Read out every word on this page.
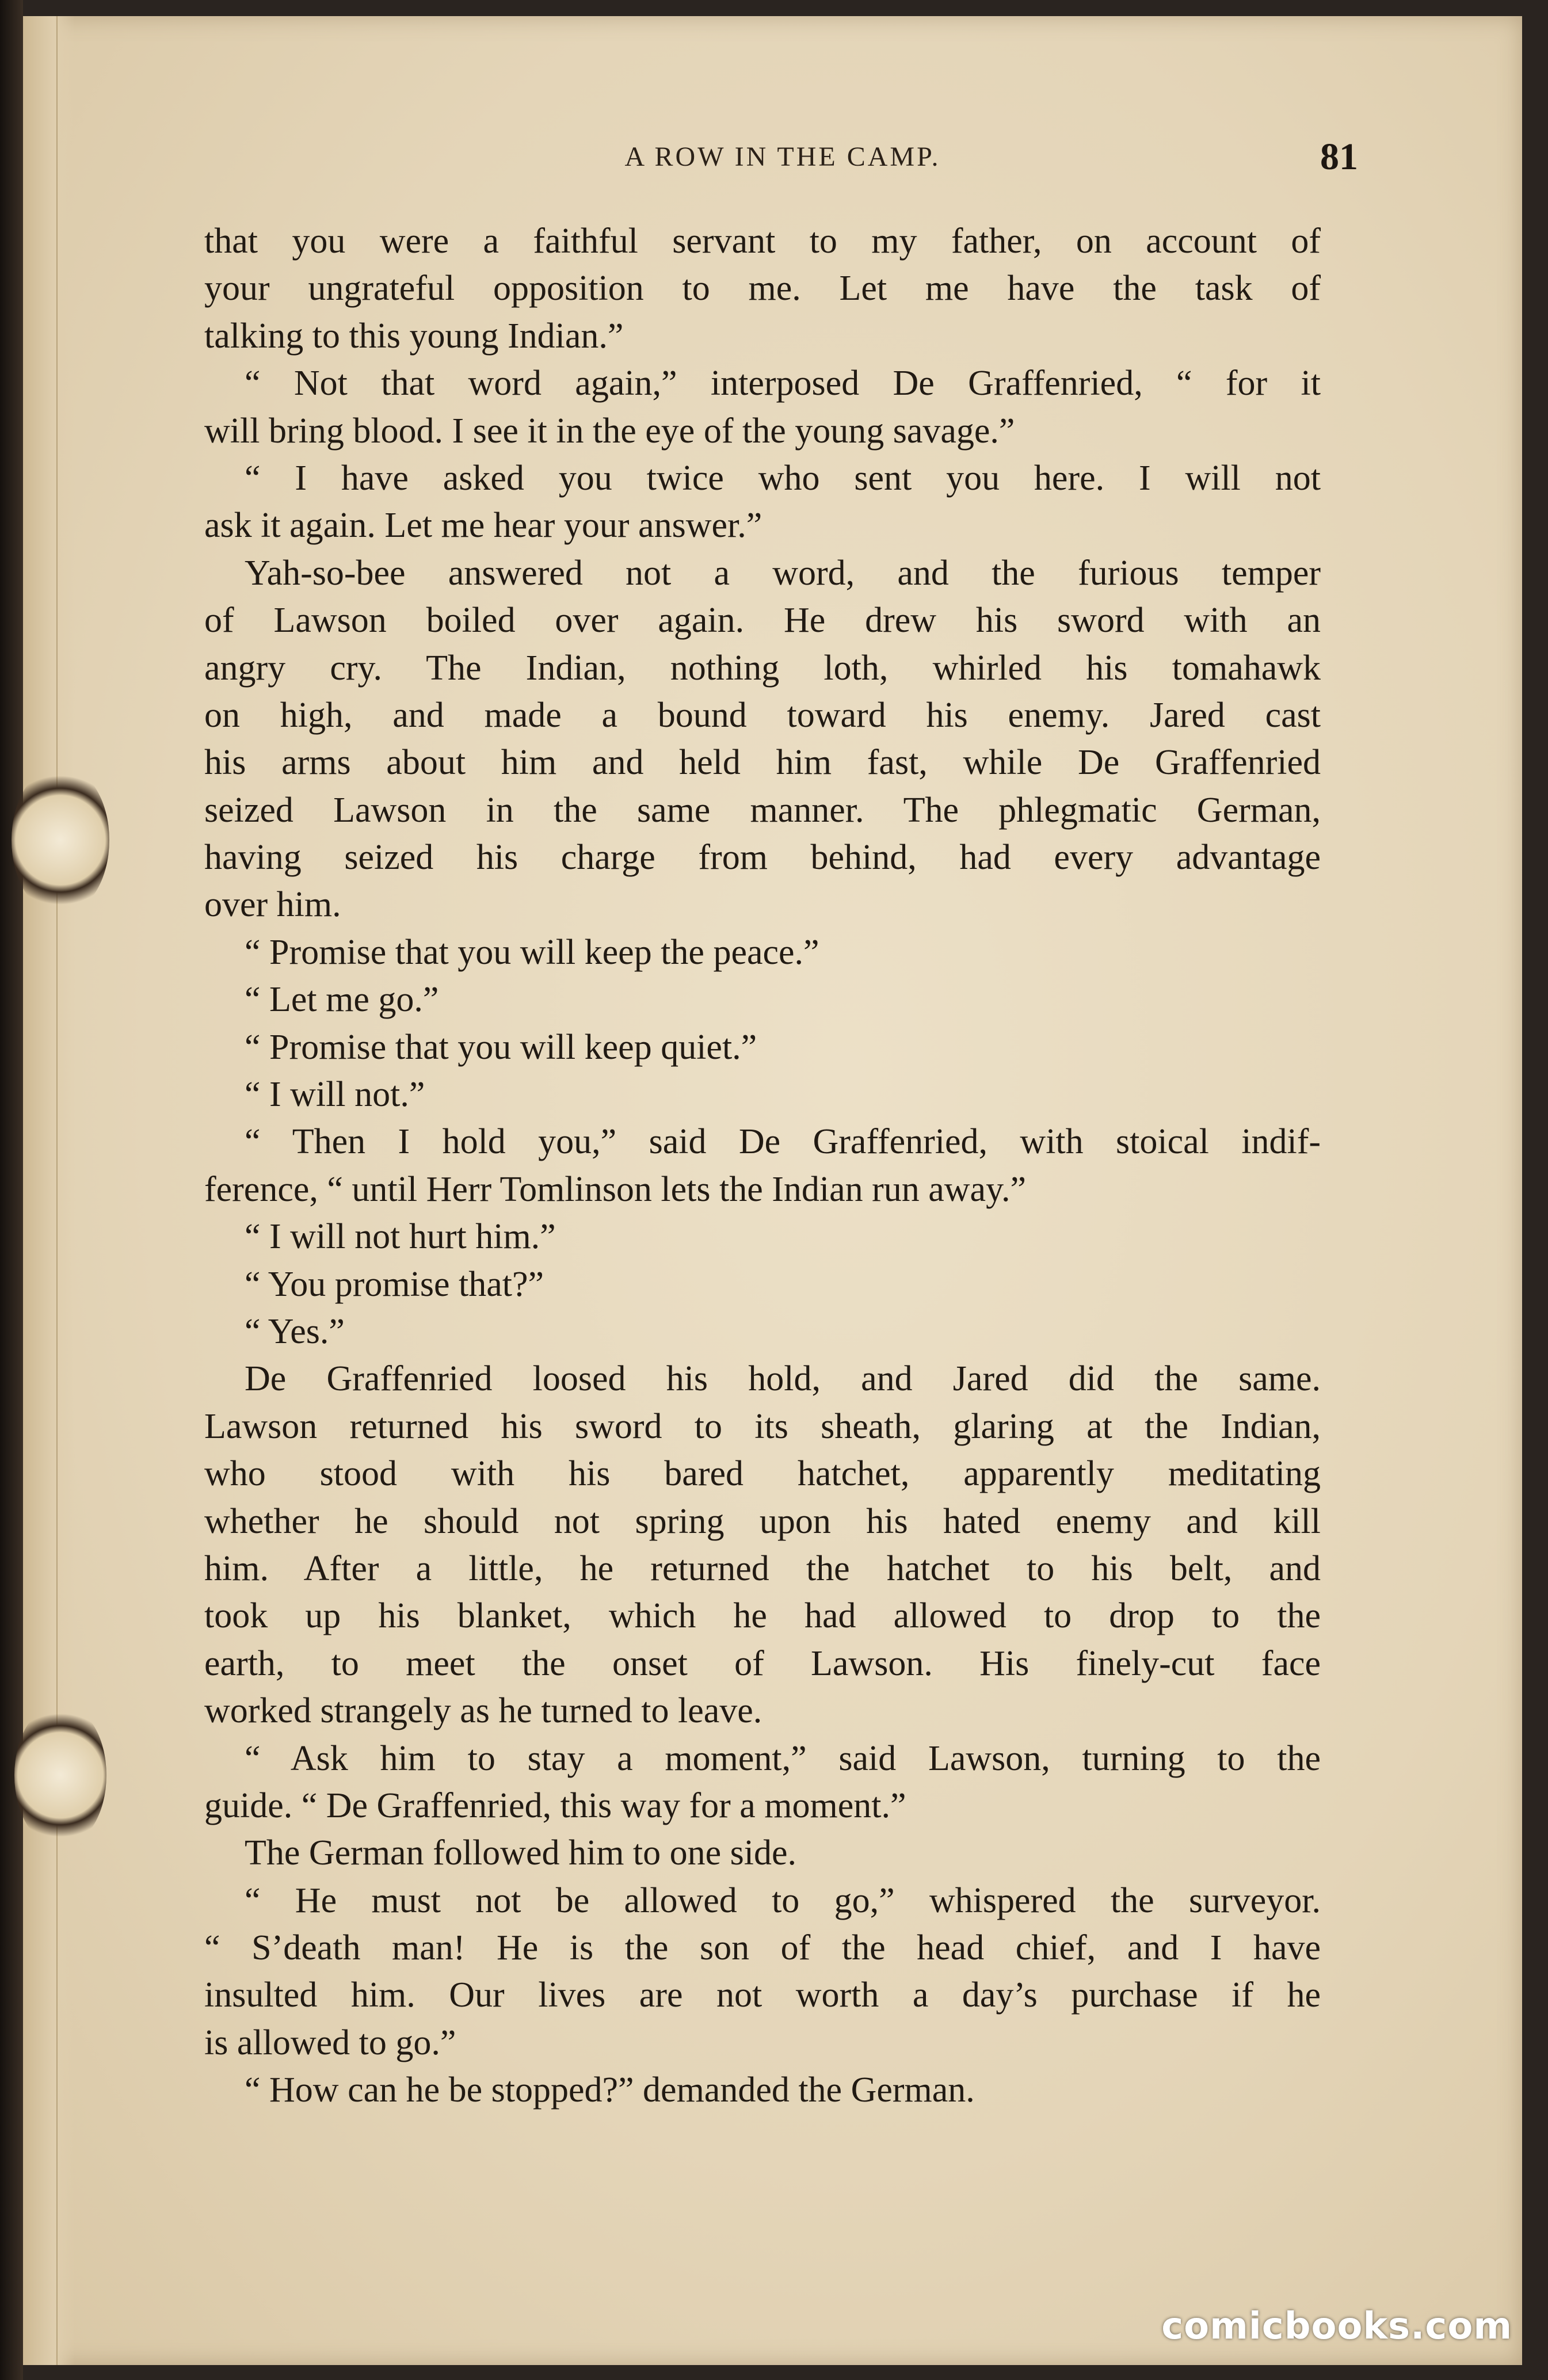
A ROW IN THE CAMP.	81
that you were a faithful servant to my father, on account of
your ungrateful opposition to me. Let me have the task of
talking to this young Indian.”
“ Not that word again,” interposed De Graffenried, “ for it
will bring blood. I see it in the eye of the young savage.”
“ I have asked you twice who sent you here. I will not
ask it again. Let me hear your answer.”
Yah-so-bee answered not a word, and the furious temper
of Lawson boiled over again. He drew his sword with an
angry cry. The Indian, nothing loth, whirled his tomahawk
on high, and made a bound toward his enemy. Jared cast
his arms about him and held him fast, while De Graffenried
seized Lawson in the same manner. The phlegmatic German,
having seized his charge from behind, had every advantage
over him.
“ Promise that you will keep the peace.”
“ Let me go.”
“ Promise that you will keep quiet.”
“ I will not.”
“ Then I hold you,” said De Graffenried, with stoical indif-
ference, “ until Herr Tomlinson lets the Indian run away.”
“ I will not hurt him.”
“ You promise that?”
“ Yes.”
De Graffenried loosed his hold, and Jared did the same.
Lawson returned his sword to its sheath, glaring at the Indian,
who stood with his bared hatchet, apparently meditating
whether he should not spring upon his hated enemy and kill
him. After a little, he returned the hatchet to his belt, and
took up his blanket, which he had allowed to drop to the
earth, to meet the onset of Lawson. His finely-cut face
worked strangely as he turned to leave.
“ Ask him to stay a moment,” said Lawson, turning to the
guide. “ De Graffenried, this way for a moment.”
The German followed him to one side.
“ He must not be allowed to go,” whispered the surveyor.
“ S’death man! He is the son of the head chief, and I have
insulted him. Our lives are not worth a day’s purchase if he
is allowed to go.”
“ How can he be stopped?” demanded the German.
comicbooks.com
